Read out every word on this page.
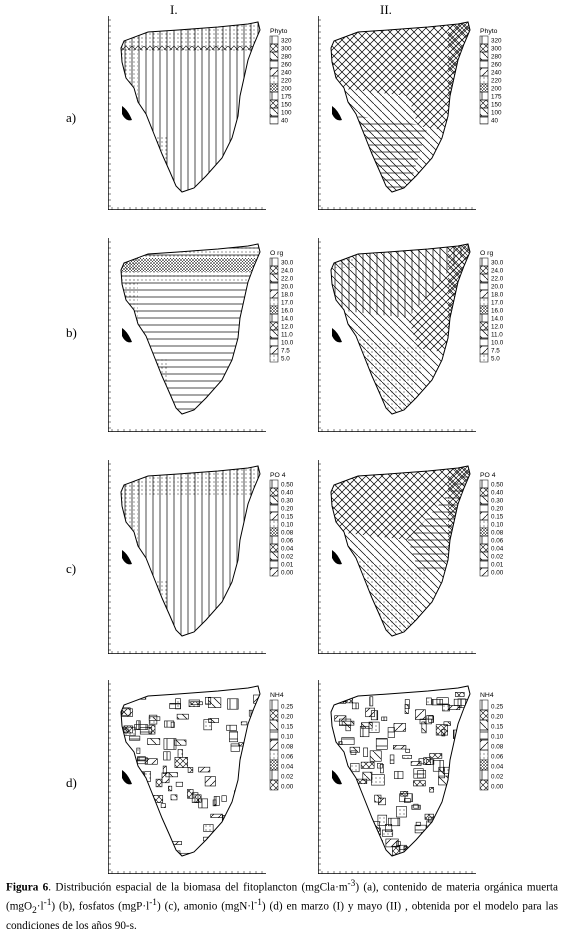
I.	II.
a)
b)
c)
d)
Phyto
320
300
280
260
240
220
200
175
150
100
40
Phyto
320
300
280
260
240
220
200
175
150
100
40
O rg
30.0
24.0
22.0
20.0
18.0
17.0
16.0
14.0
12.0
11.0
10.0
7.5
5.0
O rg
30.0
24.0
22.0
20.0
18.0
17.0
16.0
14.0
12.0
11.0
10.0
7.5
5.0
PO 4
0.50
0.40
0.30
0.20
0.15
0.10
0.08
0.06
0.04
0.02
0.01
0.00
PO 4
0.50
0.40
0.30
0.20
0.15
0.10
0.08
0.06
0.04
0.02
0.01
0.00
NH4
0.25
0.20
0.15
0.10
0.08
0.06
0.04
0.02
0.00
NH4
0.25
0.20
0.15
0.10
0.08
0.06
0.04
0.02
0.00
Figura 6. Distribución espacial de la biomasa del fitoplancton $(mgCla\cdot m^{-3})$ (a), contenido de materia orgánica muerta $(mgO_2\cdot l^{-1})$ (b), fosfatos $(mgP\cdot l^{-1})$ (c), amonio $(mgN\cdot l^{-1})$ (d) en marzo (I) y mayo (II) , obtenida por el modelo para las condiciones de los años 90-s.
